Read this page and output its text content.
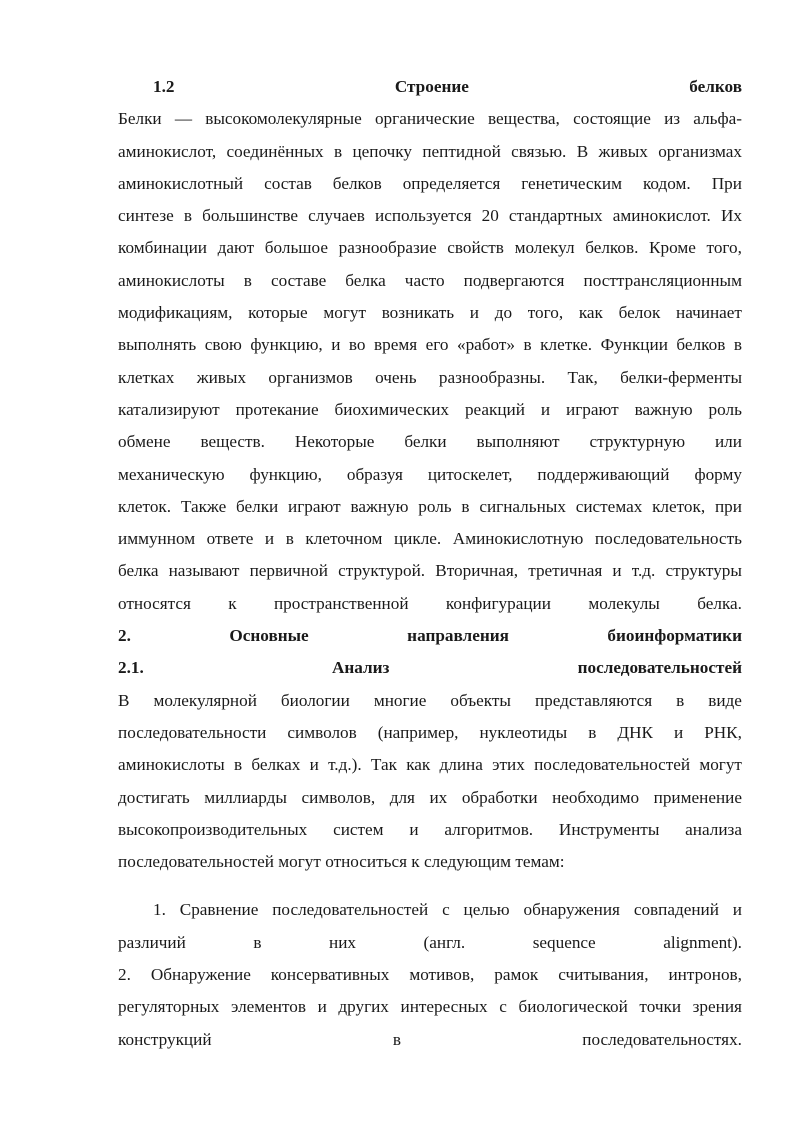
1.2	Строение	белков
Белки — высокомолекулярные органические вещества, состоящие из альфа-
аминокислот, соединённых в цепочку пептидной связью. В живых организмах
аминокислотный состав белков определяется генетическим кодом. При
синтезе в большинстве случаев используется 20 стандартных аминокислот. Их
комбинации дают большое разнообразие свойств молекул белков. Кроме того,
аминокислоты в составе белка часто подвергаются посттрансляционным
модификациям, которые могут возникать и до того, как белок начинает
выполнять свою функцию, и во время его «работ» в клетке. Функции белков в
клетках живых организмов очень разнообразны. Так, белки-ферменты
катализируют протекание биохимических реакций и играют важную роль
обмене веществ. Некоторые белки выполняют структурную или
механическую функцию, образуя цитоскелет, поддерживающий форму
клеток. Также белки играют важную роль в сигнальных системах клеток, при
иммунном ответе и в клеточном цикле. Аминокислотную последовательность
белка называют первичной структурой. Вторичная, третичная и т.д. структуры
относятся к пространственной конфигурации молекулы белка.
2.	Основные	направления	биоинформатики
2.1.	Анализ	последовательностей
В молекулярной биологии многие объекты представляются в виде
последовательности символов (например, нуклеотиды в ДНК и РНК,
аминокислоты в белках и т.д.). Так как длина этих последовательностей могут
достигать миллиарды символов, для их обработки необходимо применение
высокопроизводительных систем и алгоритмов. Инструменты анализа
последовательностей могут относиться к следующим темам:
1. Сравнение последовательностей с целью обнаружения совпадений и
различий	в	них	(англ.	sequence	alignment).
2. Обнаружение консервативных мотивов, рамок считывания, интронов,
регуляторных элементов и других интересных с биологической точки зрения
конструкций	в	последовательностях.
